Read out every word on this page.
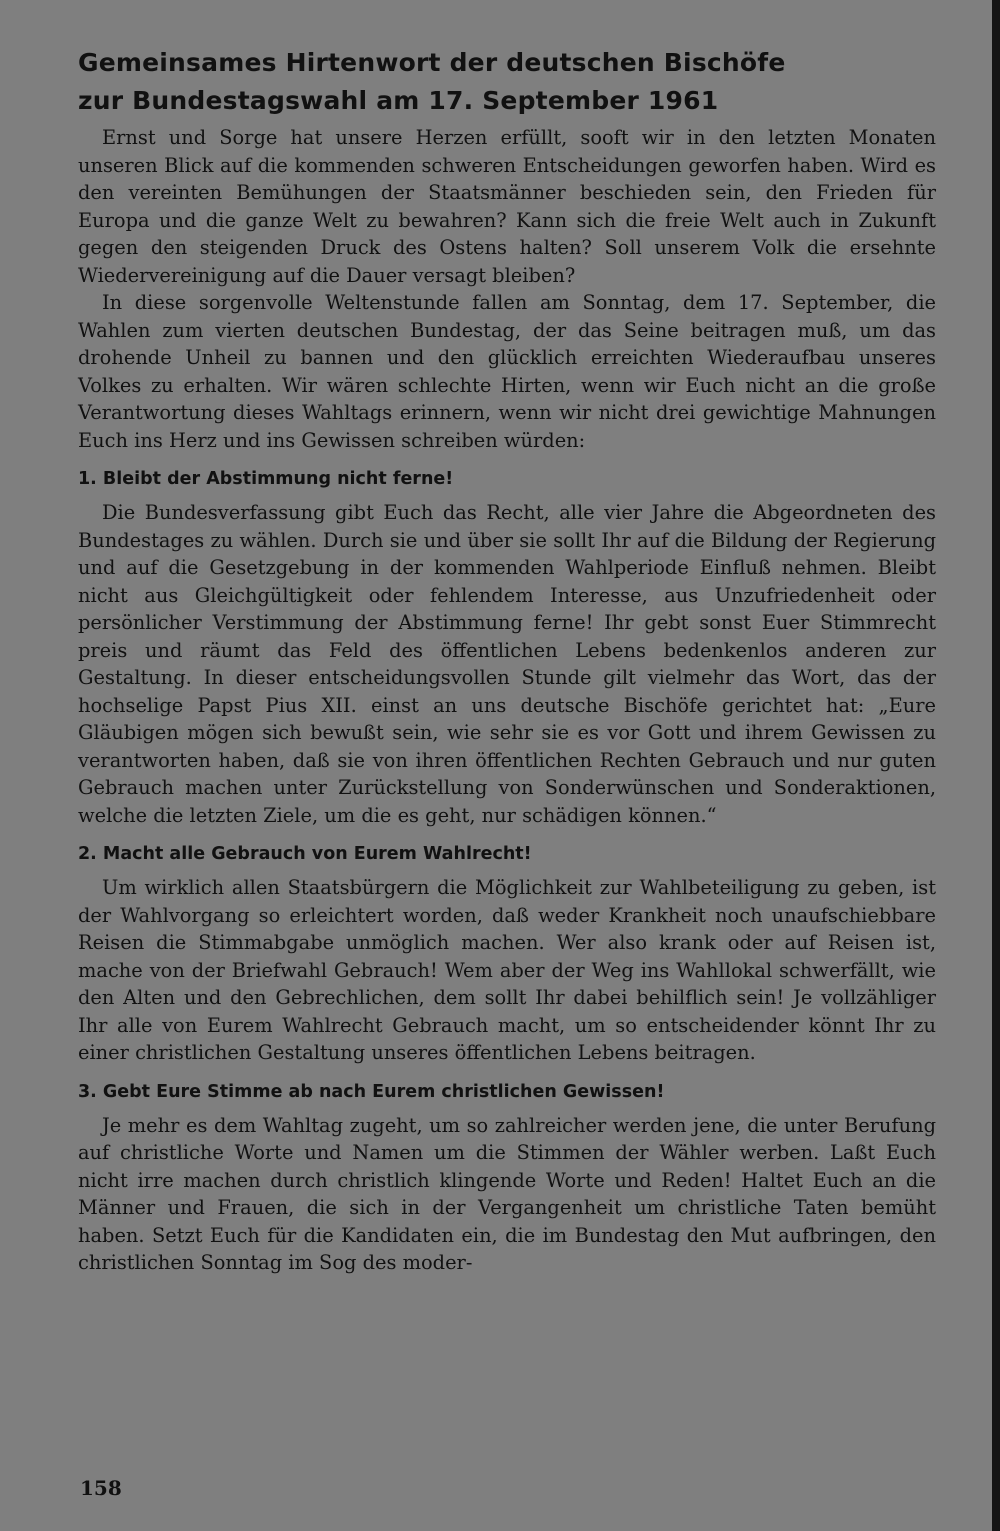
Gemeinsames Hirtenwort der deutschen Bischöfe
zur Bundestagswahl am 17. September 1961

Ernst und Sorge hat unsere Herzen erfüllt, sooft wir in den letzten Monaten unseren Blick auf die kommenden schweren Entscheidungen geworfen haben. Wird es den vereinten Bemühungen der Staatsmänner beschieden sein, den Frieden für Europa und die ganze Welt zu bewahren? Kann sich die freie Welt auch in Zukunft gegen den steigenden Druck des Ostens halten? Soll unserem Volk die ersehnte Wiedervereinigung auf die Dauer versagt bleiben?

In diese sorgenvolle Weltenstunde fallen am Sonntag, dem 17. September, die Wahlen zum vierten deutschen Bundestag, der das Seine beitragen muß, um das drohende Unheil zu bannen und den glücklich erreichten Wiederaufbau unseres Volkes zu erhalten. Wir wären schlechte Hirten, wenn wir Euch nicht an die große Verantwortung dieses Wahltags erinnern, wenn wir nicht drei gewichtige Mahnungen Euch ins Herz und ins Gewissen schreiben würden:

1. Bleibt der Abstimmung nicht ferne!

Die Bundesverfassung gibt Euch das Recht, alle vier Jahre die Abgeordneten des Bundestages zu wählen. Durch sie und über sie sollt Ihr auf die Bildung der Regierung und auf die Gesetzgebung in der kommenden Wahlperiode Einfluß nehmen. Bleibt nicht aus Gleichgültigkeit oder fehlendem Interesse, aus Unzufriedenheit oder persönlicher Verstimmung der Abstimmung ferne! Ihr gebt sonst Euer Stimmrecht preis und räumt das Feld des öffentlichen Lebens bedenkenlos anderen zur Gestaltung. In dieser entscheidungsvollen Stunde gilt vielmehr das Wort, das der hochselige Papst Pius XII. einst an uns deutsche Bischöfe gerichtet hat: „Eure Gläubigen mögen sich bewußt sein, wie sehr sie es vor Gott und ihrem Gewissen zu verantworten haben, daß sie von ihren öffentlichen Rechten Gebrauch und nur guten Gebrauch machen unter Zurückstellung von Sonderwünschen und Sonderaktionen, welche die letzten Ziele, um die es geht, nur schädigen können.“

2. Macht alle Gebrauch von Eurem Wahlrecht!

Um wirklich allen Staatsbürgern die Möglichkeit zur Wahlbeteiligung zu geben, ist der Wahlvorgang so erleichtert worden, daß weder Krankheit noch unaufschiebbare Reisen die Stimmabgabe unmöglich machen. Wer also krank oder auf Reisen ist, mache von der Briefwahl Gebrauch! Wem aber der Weg ins Wahllokal schwerfällt, wie den Alten und den Gebrechlichen, dem sollt Ihr dabei behilflich sein! Je vollzähliger Ihr alle von Eurem Wahlrecht Gebrauch macht, um so entscheidender könnt Ihr zu einer christlichen Gestaltung unseres öffentlichen Lebens beitragen.

3. Gebt Eure Stimme ab nach Eurem christlichen Gewissen!

Je mehr es dem Wahltag zugeht, um so zahlreicher werden jene, die unter Berufung auf christliche Worte und Namen um die Stimmen der Wähler werben. Laßt Euch nicht irre machen durch christlich klingende Worte und Reden! Haltet Euch an die Männer und Frauen, die sich in der Vergangenheit um christliche Taten bemüht haben. Setzt Euch für die Kandidaten ein, die im Bundestag den Mut aufbringen, den christlichen Sonntag im Sog des moder-

158
